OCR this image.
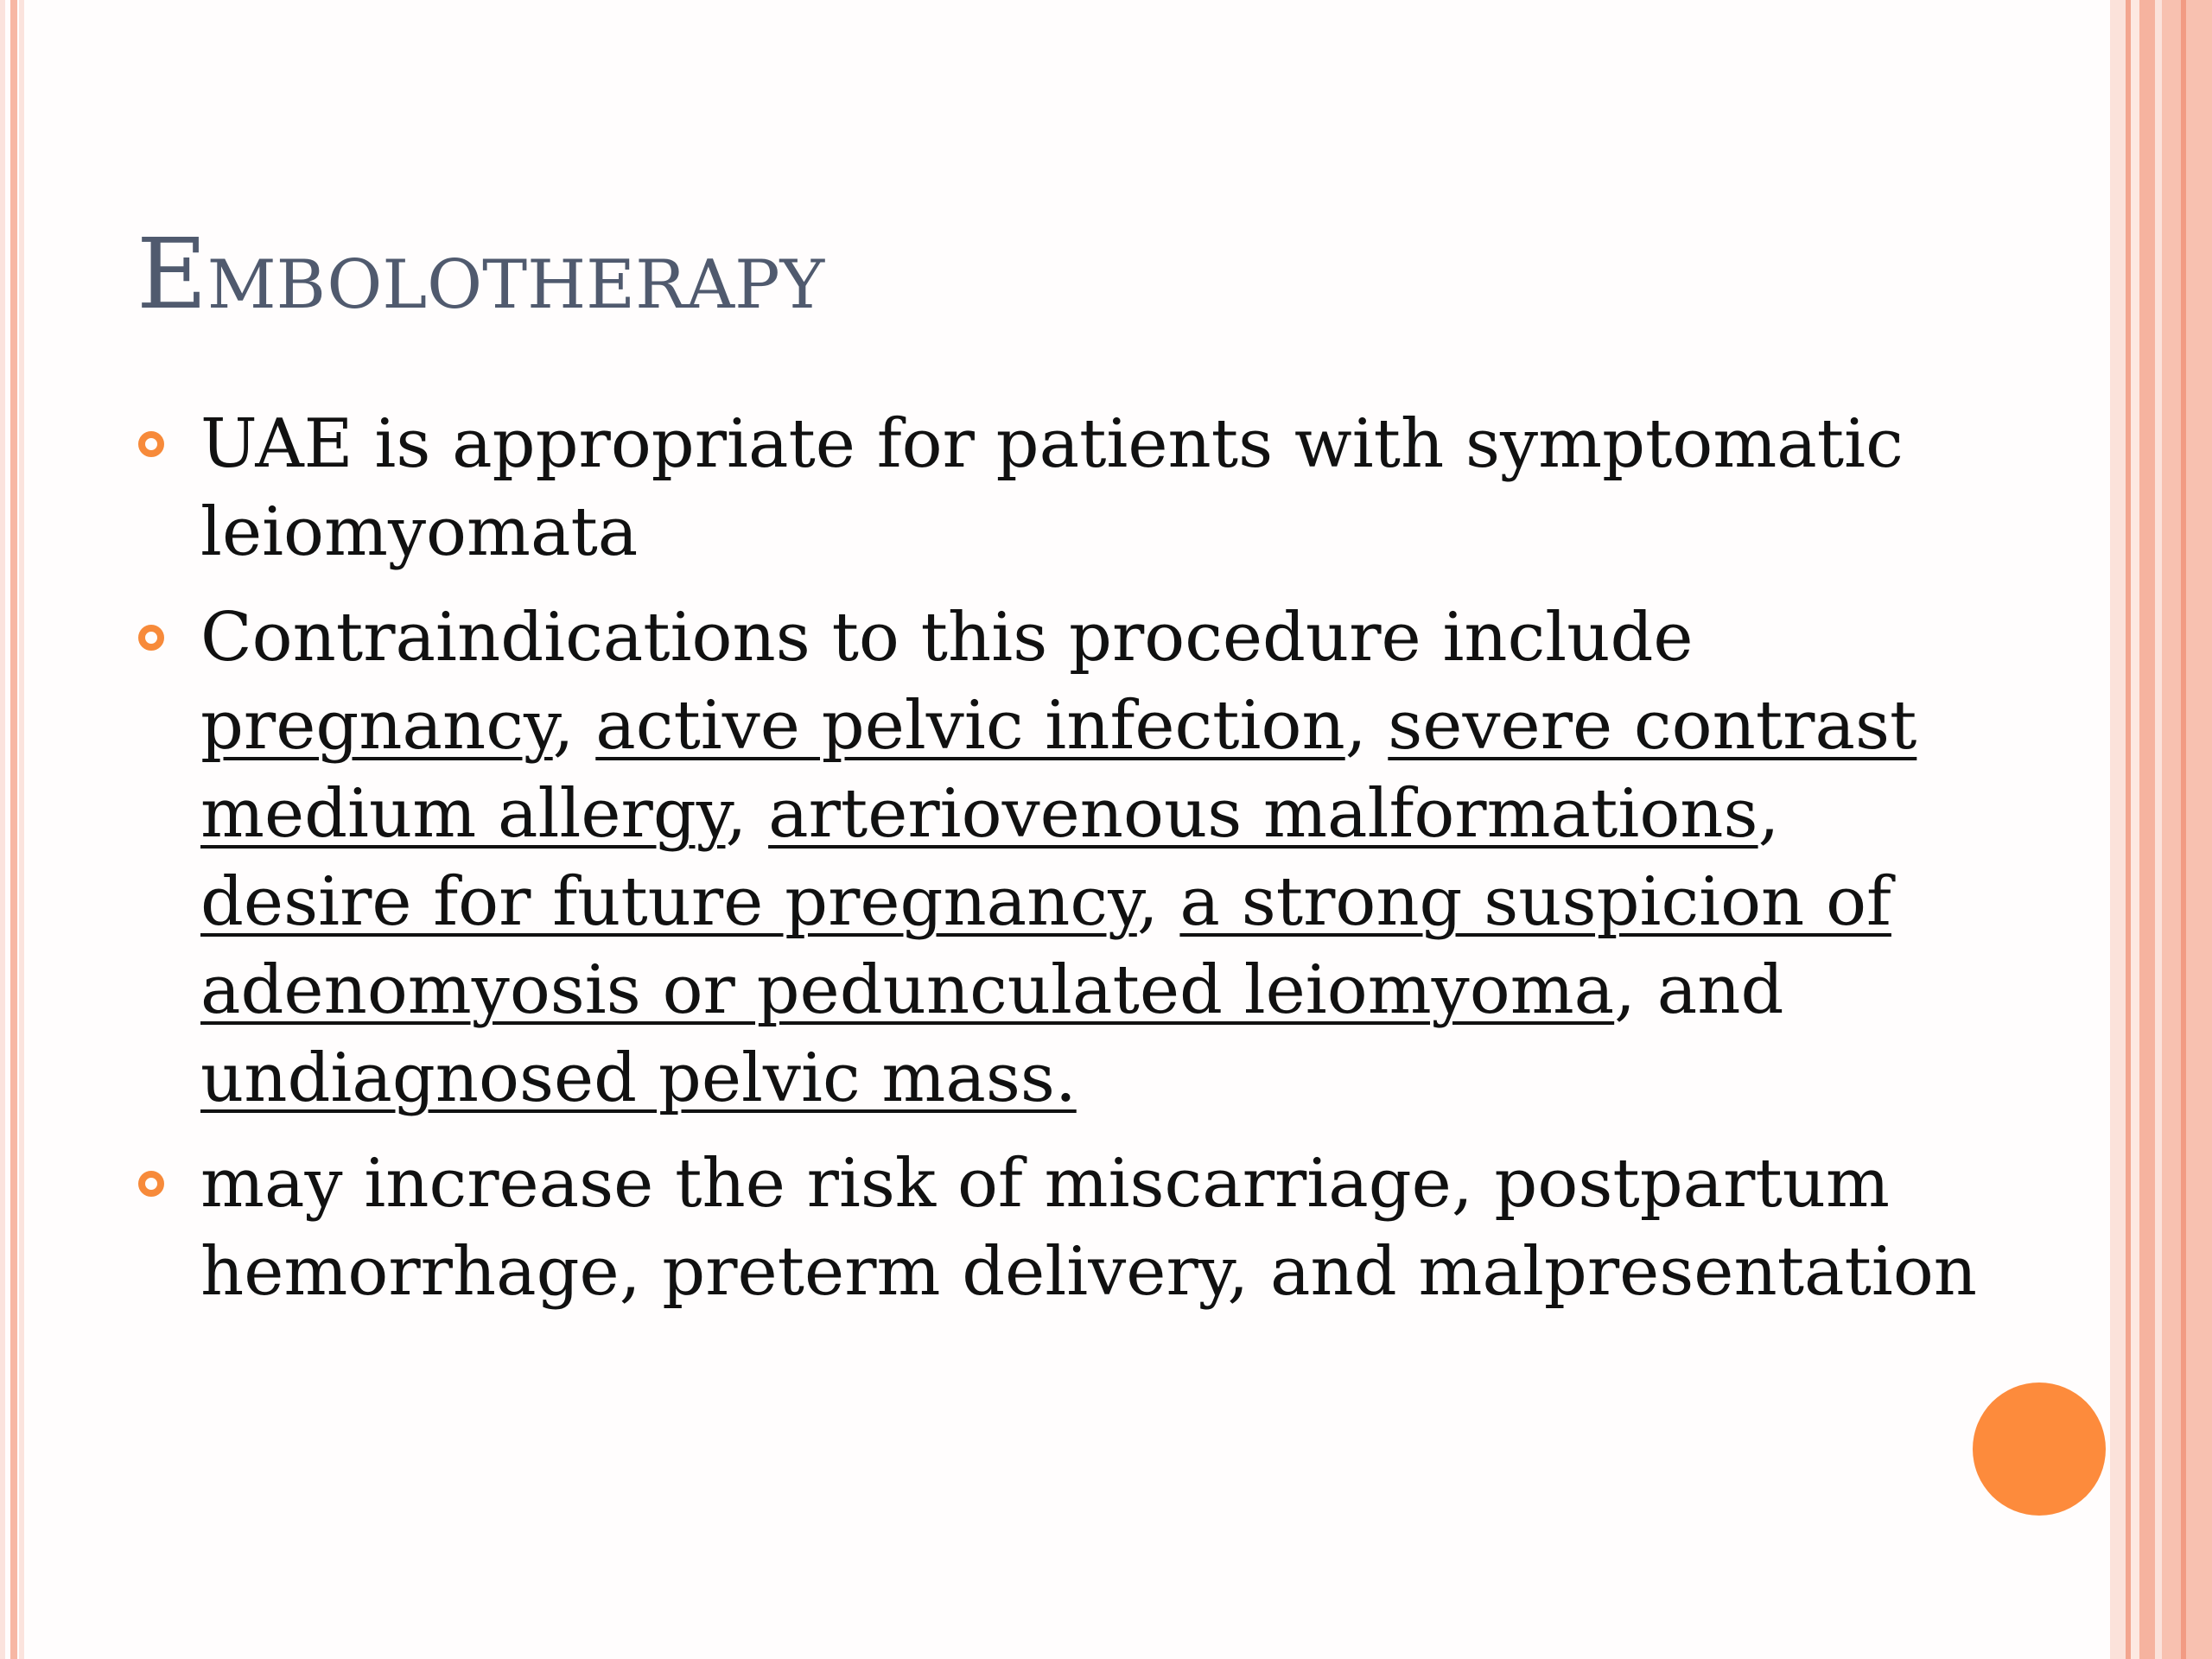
Embolotherapy
UAE is appropriate for patients with symptomatic leiomyomata
Contraindications to this procedure include pregnancy, active pelvic infection, severe contrast medium allergy, arteriovenous malformations, desire for future pregnancy, a strong suspicion of adenomyosis or pedunculated leiomyoma, and undiagnosed pelvic mass.
may increase the risk of miscarriage, postpartum hemorrhage, preterm delivery, and malpresentation
